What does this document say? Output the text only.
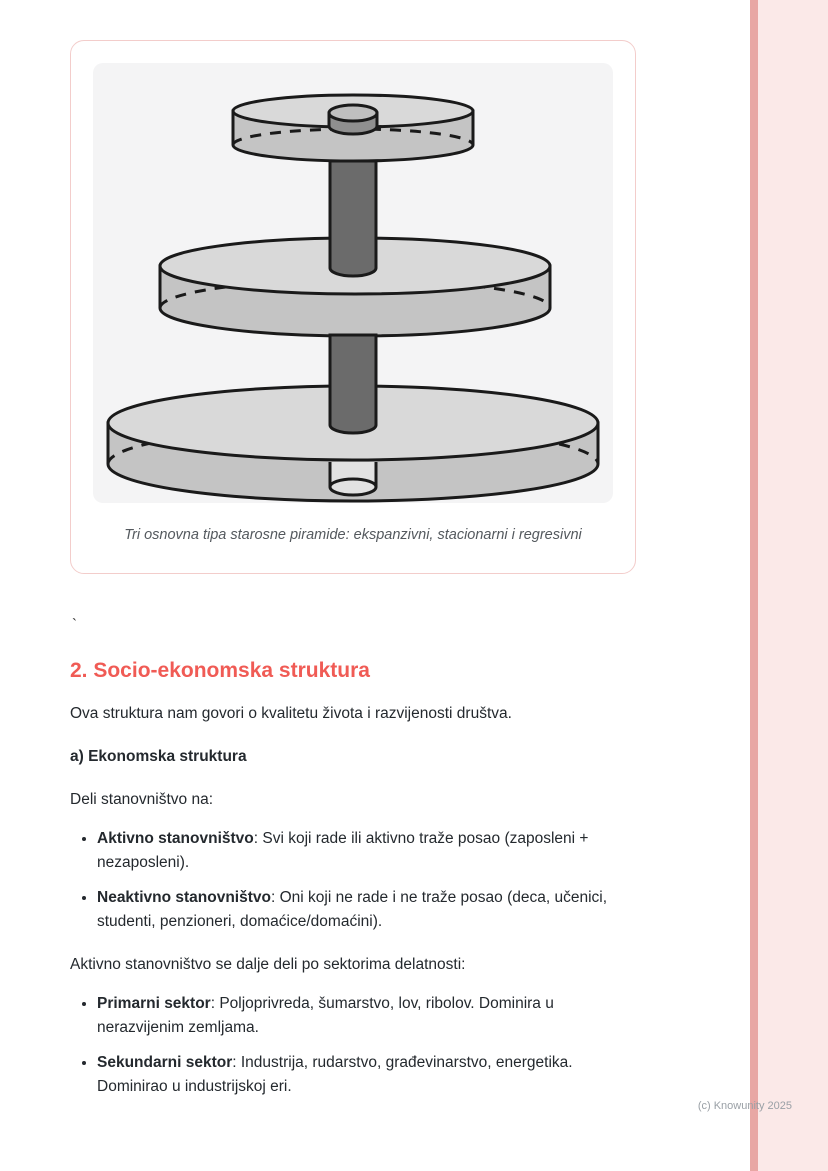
Tri osnovna tipa starosne piramide: ekspanzivni, stacionarni i regresivni
`
2. Socio-ekonomska struktura

Ova struktura nam govori o kvalitetu života i razvijenosti društva.

a) Ekonomska struktura

Deli stanovništvo na:

• Aktivno stanovništvo: Svi koji rade ili aktivno traže posao (zaposleni + nezaposleni).
• Neaktivno stanovništvo: Oni koji ne rade i ne traže posao (deca, učenici, studenti, penzioneri, domaćice/domaćini).

Aktivno stanovništvo se dalje deli po sektorima delatnosti:

• Primarni sektor: Poljoprivreda, šumarstvo, lov, ribolov. Dominira u nerazvijenim zemljama.
• Sekundarni sektor: Industrija, rudarstvo, građevinarstvo, energetika. Dominirao u industrijskoj eri.
(c) Knowunity 2025
